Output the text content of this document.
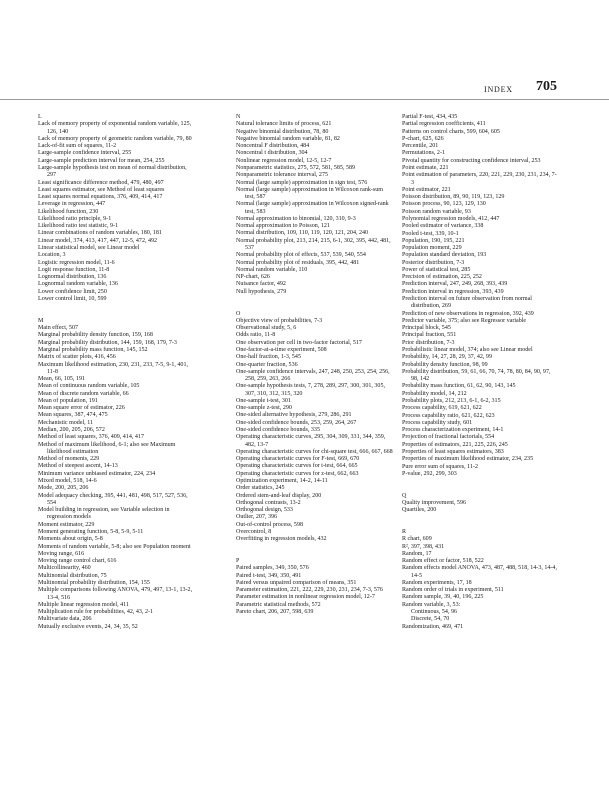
INDEX 705
L
Lack of memory property of exponential random variable, 125, 126, 140
Lack of memory property of geometric random variable, 79, 80
Lack-of-fit sum of squares, 11-2
Large-sample confidence interval, 255
Large-sample prediction interval for mean, 254, 255
Large-sample hypothesis test on mean of normal distribution, 297
Least significance difference method, 479, 480, 497
Least squares estimator, see Method of least squares
Least squares normal equations, 376, 409, 414, 417
Leverage in regression, 447
Likelihood function, 230
Likelihood ratio principle, 9-1
Likelihood ratio test statistic, 9-1
Linear combinations of random variables, 180, 181
Linear model, 374, 413, 417, 447, 12-5, 472, 492
Linear statistical model, see Linear model
Location, 3
Logistic regression model, 11-6
Logit response function, 11-8
Lognormal distribution, 136
Lognormal random variable, 136
Lower confidence limit, 250
Lower control limit, 10, 599
M
Main effect, 507
Marginal probability density function, 159, 168
Marginal probability distribution, 144, 159, 168, 179, 7-3
Marginal probability mass function, 145, 152
Matrix of scatter plots, 416, 456
Maximum likelihood estimation, 230, 231, 233, 7-5, 9-1, 401, 11-8
Mean, 66, 105, 191
Mean of continuous random variable, 105
Mean of discrete random variable, 66
Mean of population, 191
Mean square error of estimator, 226
Mean squares, 387, 474, 475
Mechanistic model, 11
Median, 200, 205, 206, 572
Method of least squares, 376, 409, 414, 417
Method of maximum likelihood, 6-1; also see Maximum likelihood estimation
Method of moments, 229
Method of steepest ascent, 14-13
Minimum variance unbiased estimator, 224, 234
Mixed model, 518, 14-6
Mode, 200, 205, 206
Model adequacy checking, 395, 441, 481, 498, 517, 527, 536, 554
Model building in regression, see Variable selection in regression models
Moment estimator, 229
Moment generating function, 5-8, 5-9, 5-11
Moments about origin, 5-8
Moments of random variable, 5-8; also see Population moment
Moving range, 616
Moving range control chart, 616
Multicollinearity, 460
Multinomial distribution, 75
Multinomial probability distribution, 154, 155
Multiple comparisons following ANOVA, 479, 497, 13-1, 13-2, 13-4, 516
Multiple linear regression model, 411
Multiplication rule for probabilities, 42, 43, 2-1
Multivariate data, 206
Mutually exclusive events, 24, 34, 35, 52
N
Natural tolerance limits of process, 621
Negative binomial distribution, 78, 80
Negative binomial random variable, 81, 82
Noncentral F distribution, 484
Noncentral t distribution, 304
Nonlinear regression model, 12-5, 12-7
Nonparametric statistics, 275, 572, 581, 585, 589
Nonparametric tolerance interval, 275
Normal (large sample) approximation in sign test, 576
Normal (large sample) approximation in Wilcoxon rank-sum test, 587
Normal (large sample) approximation in Wilcoxon signed-rank test, 583
Normal approximation to binomial, 120, 310, 9-3
Normal approximation to Poisson, 121
Normal distribution, 109, 110, 119, 120, 121, 204, 240
Normal probability plot, 213, 214, 215, 6-1, 302, 395, 442, 481, 537
Normal probability plot of effects, 537, 539, 540, 554
Normal probability plot of residuals, 395, 442, 481
Normal random variable, 110
NP-chart, 626
Nuisance factor, 492
Null hypothesis, 279
O
Objective view of probabilities, 7-3
Observational study, 5, 6
Odds ratio, 11-8
One observation per cell in two-factor factorial, 517
One-factor-at-a-time experiment, 508
One-half fraction, 1-3, 545
One-quarter fraction, 536
One-sample confidence intervals, 247, 248, 250, 253, 254, 256, 258, 259, 263, 266
One-sample hypothesis tests, 7, 278, 289, 297, 300, 301, 305, 307, 310, 312, 315, 320
One-sample t-test, 301
One-sample z-test, 290
One-sided alternative hypothesis, 279, 286, 291
One-sided confidence bounds, 253, 259, 264, 267
One-sided confidence bounds, 335
Operating characteristic curves, 295, 304, 309, 331, 344, 359, 482, 13-7
Operating characteristic curves for chi-square test, 666, 667, 668
Operating characteristic curves for F-test, 669, 670
Operating characteristic curves for t-test, 664, 665
Operating characteristic curves for z-test, 662, 663
Optimization experiment, 14-2, 14-11
Order statistics, 245
Ordered stem-and-leaf display, 200
Orthogonal contrasts, 13-2
Orthogonal design, 533
Outlier, 207, 396
Out-of-control process, 598
Overcontrol, 8
Overfitting in regression models, 432
P
Paired samples, 349, 350, 576
Paired t-test, 349, 350, 491
Paired versus unpaired comparison of means, 351
Parameter estimation, 221, 222, 229, 230, 231, 234, 7-3, 576
Parameter estimation in nonlinear regression model, 12-7
Parametric statistical methods, 572
Pareto chart, 206, 207, 598, 639
Partial F-test, 434, 435
Partial regression coefficients, 411
Patterns on control charts, 599, 604, 605
P-chart, 625, 626
Percentile, 201
Permutations, 2-1
Pivotal quantity for constructing confidence interval, 253
Point estimate, 221
Point estimation of parameters, 220, 221, 229, 230, 231, 234, 7-3
Point estimator, 221
Poisson distribution, 89, 90, 119, 123, 129
Poisson process, 90, 123, 129, 130
Poisson random variable, 93
Polynomial regression models, 412, 447
Pooled estimator of variance, 338
Pooled t-test, 339, 10-1
Population, 190, 195, 221
Population moment, 229
Population standard deviation, 193
Posterior distribution, 7-3
Power of statistical test, 285
Precision of estimation, 225, 252
Prediction interval, 247, 249, 268, 393, 439
Prediction interval in regression, 393, 439
Prediction interval on future observation from normal distribution, 269
Prediction of new observations in regression, 392, 439
Predictor variable, 375; also see Regressor variable
Principal block, 545
Principal fraction, 551
Prior distribution, 7-3
Probabilistic linear model, 374; also see Linear model
Probability, 14, 27, 28, 29, 37, 42, 99
Probability density function, 98, 99
Probability distribution, 59, 61, 66, 70, 74, 78, 80, 84, 90, 97, 98, 142
Probability mass function, 61, 62, 90, 143, 145
Probability model, 14, 212
Probability plots, 212, 213, 6-1, 6-2, 315
Process capability, 619, 621, 622
Process capability ratio, 621, 622, 623
Process capability study, 601
Process characterization experiment, 14-1
Projection of fractional factorials, 554
Properties of estimators, 221, 225, 226, 245
Properties of least squares estimators, 383
Properties of maximum likelihood estimator, 234, 235
Pure error sum of squares, 11-2
P-value, 292, 299, 303
Q
Quality improvement, 596
Quartiles, 200
R
R chart, 609
R², 397, 398, 431
Random, 17
Random effect or factor, 518, 522
Random effects model ANOVA, 473, 487, 488, 518, 14-3, 14-4, 14-5
Random experiments, 17, 18
Random order of trials in experiment, 511
Random sample, 39, 40, 196, 225
Random variable, 3, 53:
Continuous, 54, 96
Discrete, 54, 70
Randomization, 469, 471
